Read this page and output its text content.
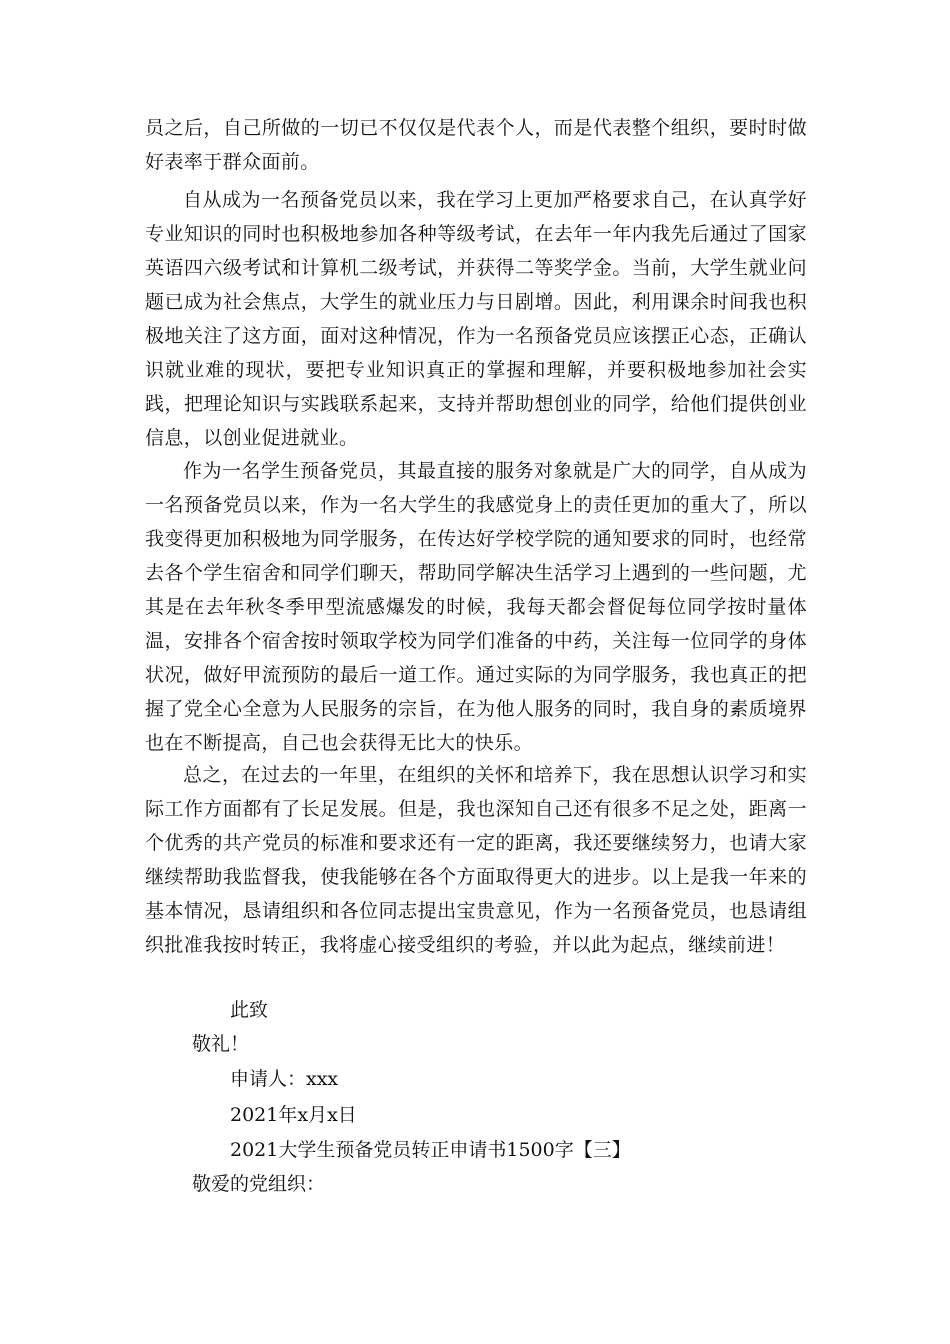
员之后，自己所做的一切已不仅仅是代表个人，而是代表整个组织，要时时做好表率于群众面前。

自从成为一名预备党员以来，我在学习上更加严格要求自己，在认真学好专业知识的同时也积极地参加各种等级考试，在去年一年内我先后通过了国家英语四六级考试和计算机二级考试，并获得二等奖学金。当前，大学生就业问题已成为社会焦点，大学生的就业压力与日剧增。因此，利用课余时间我也积极地关注了这方面，面对这种情况，作为一名预备党员应该摆正心态，正确认识就业难的现状，要把专业知识真正的掌握和理解，并要积极地参加社会实践，把理论知识与实践联系起来，支持并帮助想创业的同学，给他们提供创业信息，以创业促进就业。

作为一名学生预备党员，其最直接的服务对象就是广大的同学，自从成为一名预备党员以来，作为一名大学生的我感觉身上的责任更加的重大了，所以我变得更加积极地为同学服务，在传达好学校学院的通知要求的同时，也经常去各个学生宿舍和同学们聊天，帮助同学解决生活学习上遇到的一些问题，尤其是在去年秋冬季甲型流感爆发的时候，我每天都会督促每位同学按时量体温，安排各个宿舍按时领取学校为同学们准备的中药，关注每一位同学的身体状况，做好甲流预防的最后一道工作。通过实际的为同学服务，我也真正的把握了党全心全意为人民服务的宗旨，在为他人服务的同时，我自身的素质境界也在不断提高，自己也会获得无比大的快乐。

总之，在过去的一年里，在组织的关怀和培养下，我在思想认识学习和实际工作方面都有了长足发展。但是，我也深知自己还有很多不足之处，距离一个优秀的共产党员的标准和要求还有一定的距离，我还要继续努力，也请大家继续帮助我监督我，使我能够在各个方面取得更大的进步。以上是我一年来的基本情况，恳请组织和各位同志提出宝贵意见，作为一名预备党员，也恳请组织批准我按时转正，我将虚心接受组织的考验，并以此为起点，继续前进！

此致

敬礼！

申请人：xxx

2021年x月x日

2021大学生预备党员转正申请书1500字【三】

敬爱的党组织：
